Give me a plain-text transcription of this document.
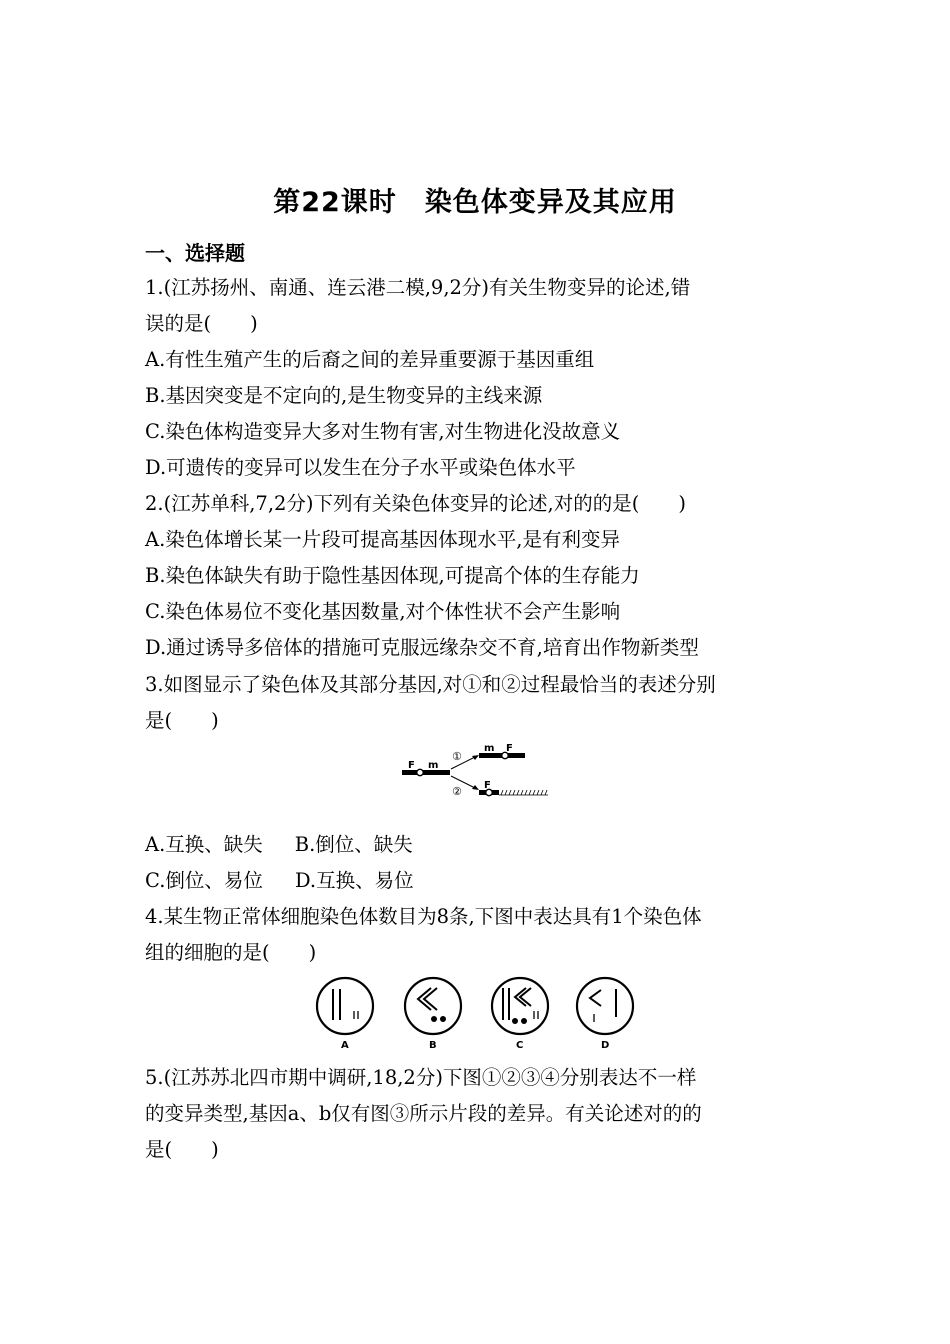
第22课时 染色体变异及其应用
一、选择题
1.(江苏扬州、南通、连云港二模,9,2分)有关生物变异的论述,错
误的是(　　)
A.有性生殖产生的后裔之间的差异重要源于基因重组
B.基因突变是不定向的,是生物变异的主线来源
C.染色体构造变异大多对生物有害,对生物进化没故意义
D.可遗传的变异可以发生在分子水平或染色体水平
2.(江苏单科,7,2分)下列有关染色体变异的论述,对的的是(　　)
A.染色体增长某一片段可提高基因体现水平,是有利变异
B.染色体缺失有助于隐性基因体现,可提高个体的生存能力
C.染色体易位不变化基因数量,对个体性状不会产生影响
D.通过诱导多倍体的措施可克服远缘杂交不育,培育出作物新类型
3.如图显示了染色体及其部分基因,对①和②过程最恰当的表述分别
是(　　)
F m
①
②
m F
F
A.互换、缺失 B.倒位、缺失
C.倒位、易位 D.互换、易位
4.某生物正常体细胞染色体数目为8条,下图中表达具有1个染色体
组的细胞的是(　　)
A	B	C	D
5.(江苏苏北四市期中调研,18,2分)下图①②③④分别表达不一样
的变异类型,基因a、b仅有图③所示片段的差异。有关论述对的的
是(　　)
